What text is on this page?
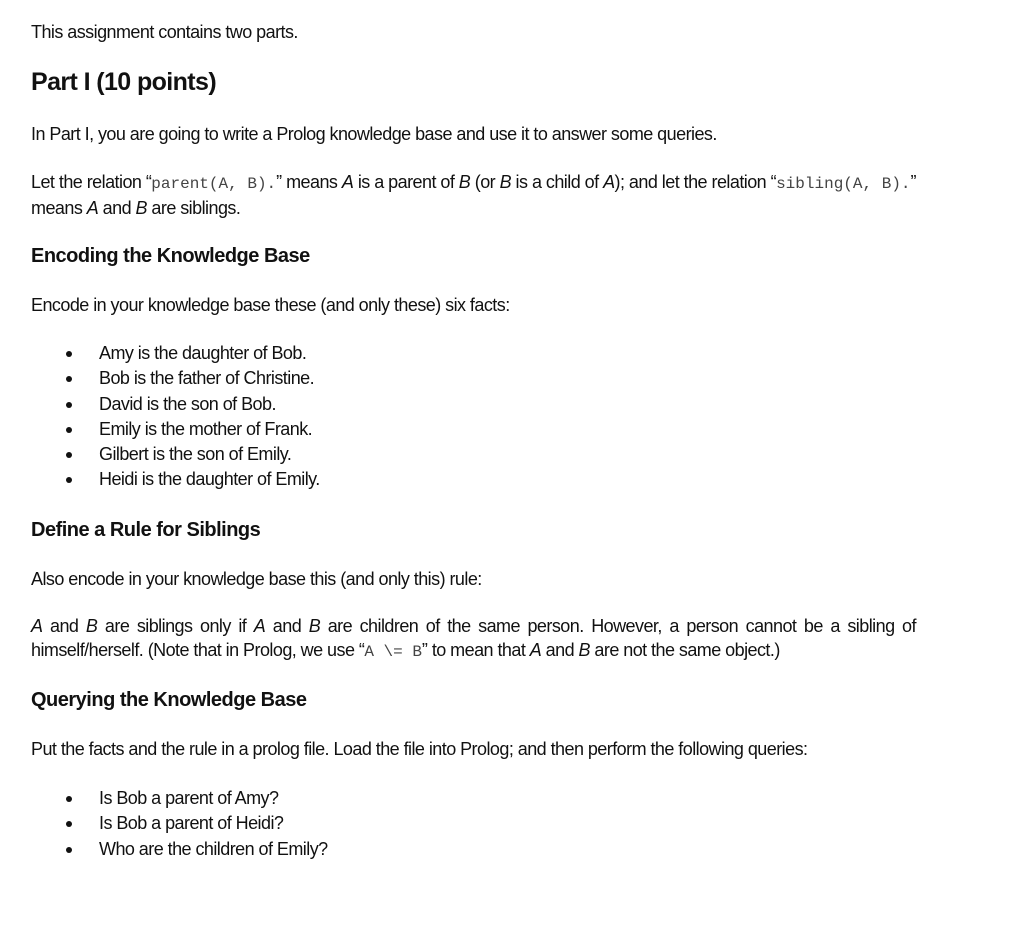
This assignment contains two parts.

Part I (10 points)

In Part I, you are going to write a Prolog knowledge base and use it to answer some queries.

Let the relation “parent(A, B).” means A is a parent of B (or B is a child of A); and let the relation “sibling(A, B).” means A and B are siblings.

Encoding the Knowledge Base

Encode in your knowledge base these (and only these) six facts:

Amy is the daughter of Bob.
Bob is the father of Christine.
David is the son of Bob.
Emily is the mother of Frank.
Gilbert is the son of Emily.
Heidi is the daughter of Emily.
Define a Rule for Siblings

Also encode in your knowledge base this (and only this) rule:

A and B are siblings only if A and B are children of the same person. However, a person cannot be a sibling of himself/herself. (Note that in Prolog, we use “A \= B” to mean that A and B are not the same object.)

Querying the Knowledge Base

Put the facts and the rule in a prolog file. Load the file into Prolog; and then perform the following queries:

Is Bob a parent of Amy?
Is Bob a parent of Heidi?
Who are the children of Emily?
